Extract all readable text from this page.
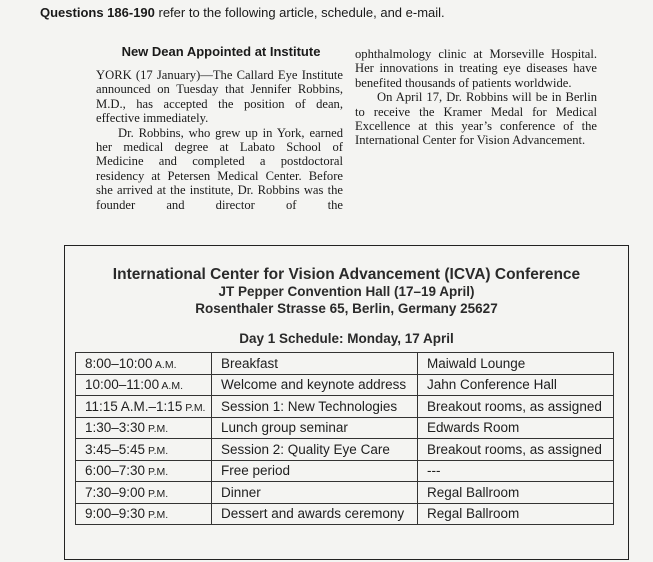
Questions 186-190 refer to the following article, schedule, and e-mail.
New Dean Appointed at Institute

YORK (17 January)—The Callard Eye Institute announced on Tuesday that Jennifer Robbins, M.D., has accepted the position of dean, effective immediately.

Dr. Robbins, who grew up in York, earned her medical degree at Labato School of Medicine and completed a postdoctoral residency at Petersen Medical Center. Before she arrived at the institute, Dr. Robbins was the founder and director of the

ophthalmology clinic at Morseville Hospital. Her innovations in treating eye diseases have benefited thousands of patients worldwide.

On April 17, Dr. Robbins will be in Berlin to receive the Kramer Medal for Medical Excellence at this year’s conference of the International Center for Vision Advancement.

International Center for Vision Advancement (ICVA) Conference
JT Pepper Convention Hall (17–19 April)
Rosenthaler Strasse 65, Berlin, Germany 25627
Day 1 Schedule: Monday, 17 April
8:00–10:00 A.M.	Breakfast	Maiwald Lounge
10:00–11:00 A.M.	Welcome and keynote address	Jahn Conference Hall
11:15 A.M.–1:15 P.M.	Session 1: New Technologies	Breakout rooms, as assigned
1:30–3:30 P.M.	Lunch group seminar	Edwards Room
3:45–5:45 P.M.	Session 2: Quality Eye Care	Breakout rooms, as assigned
6:00–7:30 P.M.	Free period	---
7:30–9:00 P.M.	Dinner	Regal Ballroom
9:00–9:30 P.M.	Dessert and awards ceremony	Regal Ballroom
